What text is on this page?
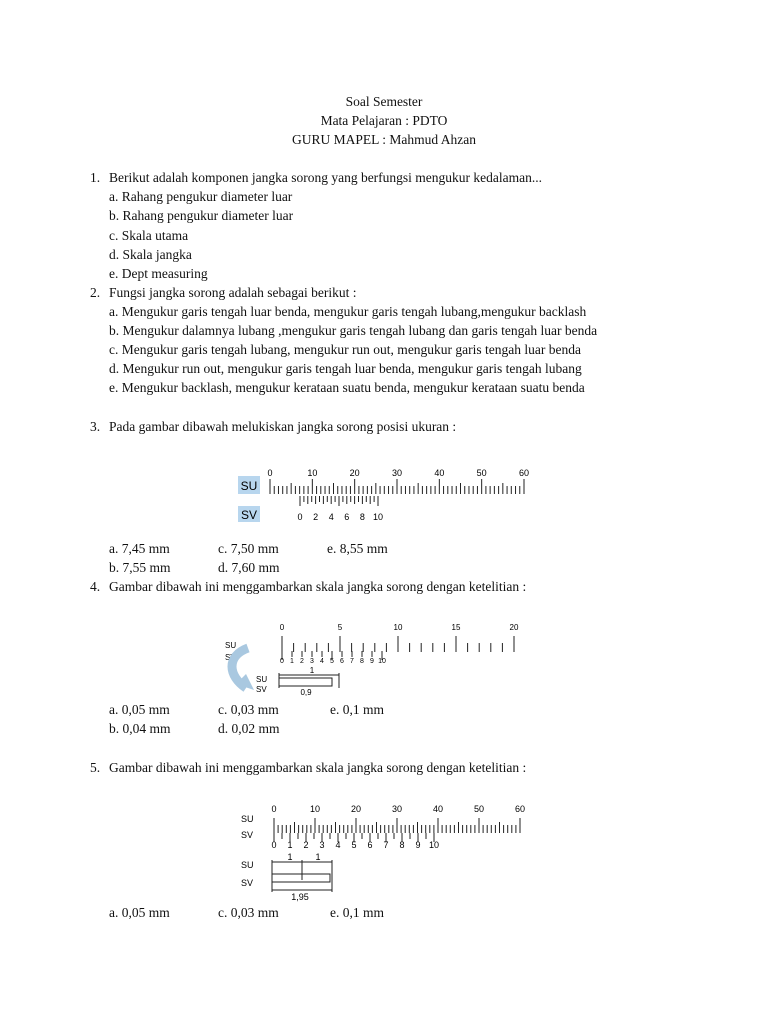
Soal Semester
Mata Pelajaran : PDTO
GURU MAPEL : Mahmud Ahzan
1. Berikut adalah komponen jangka sorong yang berfungsi mengukur kedalaman...
a. Rahang pengukur diameter luar
b. Rahang pengukur diameter luar
c. Skala utama
d. Skala jangka
e. Dept measuring
2. Fungsi jangka sorong adalah sebagai berikut :
a. Mengukur garis tengah luar benda, mengukur garis tengah lubang,mengukur backlash
b. Mengukur dalamnya lubang ,mengukur garis tengah lubang dan garis tengah luar benda
c. Mengukur garis tengah lubang, mengukur run out, mengukur garis tengah luar benda
d. Mengukur run out, mengukur garis tengah luar benda, mengukur garis tengah lubang
e. Mengukur backlash, mengukur kerataan suatu benda, mengukur kerataan suatu benda
3. Pada gambar dibawah melukiskan jangka sorong posisi ukuran :
SU
SV
0	10	20	30	40	50	60
0 2 4 6 8 10
a. 7,45 mm	c. 7,50 mm	e. 8,55 mm
b. 7,55 mm	d. 7,60 mm
4. Gambar dibawah ini menggambarkan skala jangka sorong dengan ketelitian :
SU
SV
0	5	10	15	20
0 1 2 3 4 5 6 7 8 9 10
SU
SV
1
0,9
a. 0,05 mm	c. 0,03 mm	e. 0,1 mm
b. 0,04 mm	d. 0,02 mm
5. Gambar dibawah ini menggambarkan skala jangka sorong dengan ketelitian :
SU
SV
0	10	20	30	40	50	60
0 1 2 3 4 5 6 7 8 9 10
SU
SV
1	1
1,95
a. 0,05 mm	c. 0,03 mm	e. 0,1 mm
